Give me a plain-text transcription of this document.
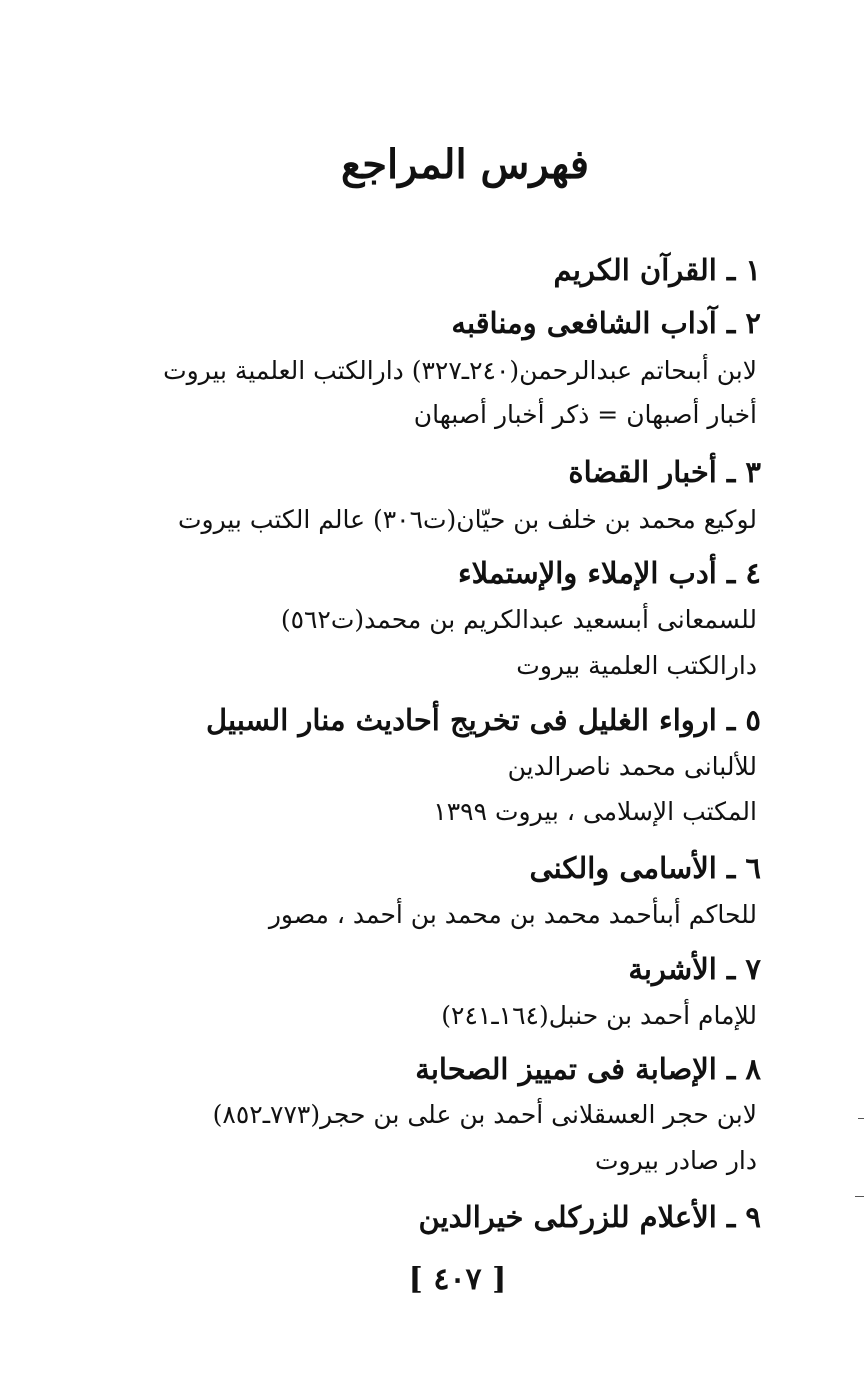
فهرس المراجع
١ ـالقرآن الكريم
٢ ـآداب الشافعى ومناقبه
لابن أبىحاتم عبدالرحمن(٢٤٠ـ٣٢٧) دارالكتب العلمية بيروت
أخبار أصبهان = ذكر أخبار أصبهان
٣ ـأخبار القضاة
لوكيع محمد بن خلف بن حيّان(ت٣٠٦) عالم الكتب بيروت
٤ ـأدب الإملاء والإستملاء
للسمعانى أبىسعيد عبدالكريم بن محمد(ت٥٦٢)
دارالكتب العلمية بيروت
٥ ـارواء الغليل فى تخريج أحاديث منار السبيل
للألبانى محمد ناصرالدين
المكتب الإسلامى ، بيروت ١٣٩٩
٦ ـالأسامى والكنى
للحاكم أبىأحمد محمد بن محمد بن أحمد ، مصور
٧ ـالأشربة
للإمام أحمد بن حنبل(١٦٤ـ٢٤١)
٨ ـالإصابة فى تمييز الصحابة
لابن حجر العسقلانى أحمد بن على بن حجر(٧٧٣ـ٨٥٢)
دار صادر بيروت
٩ ـالأعلام للزركلى خيرالدين
[ ٤٠٧ ]
